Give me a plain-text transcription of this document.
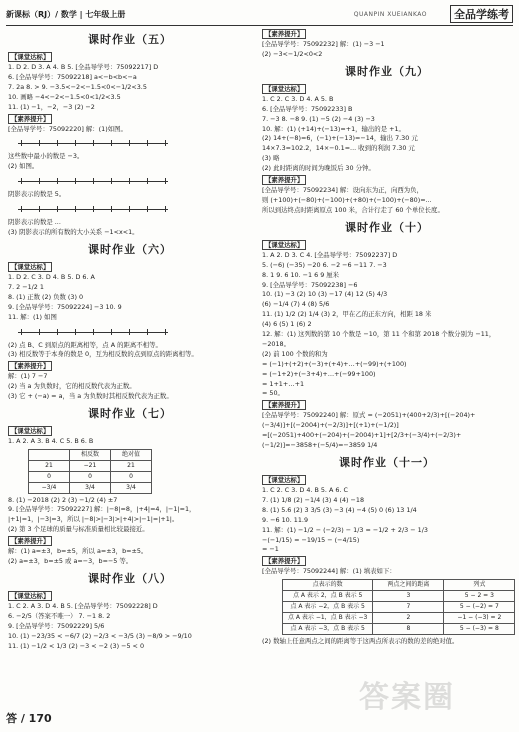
新课标（RJ）/ 数学 | 七年级上册	QUANPIN XUEIANKAO	全品学练考
课时作业（五）
【课堂达标】
1. D 2. D 3. A 4. B 5. [全品导学号：75092217] D
6. [全品导学号：75092218] a<−b<b<−a
7. 2a 8. > 9. −3.5<−2<−1.5<0<−1/2<3.5
10. 画略 −4<−2<−1.5<0<1/2<3.5
11. (1) −1，−2，−3 (2) −2
【素养提升】
[全品导学号：75092220] 解：(1)如图。
这些数中最小的数是 −3。
(2) 如图。
阴影表示的数是 5。
阴影表示的数是 ...
(3) 阴影表示的所有数的大小关系 −1<x<1。
课时作业（六）
【课堂达标】
1. D 2. C 3. D 4. B 5. D 6. A
7. 2 −1/2 1
8. (1) 正数 (2) 负数 (3) 0
9. [全品导学号：75092224] −3 10. 9
11. 解：(1) 如图
(2) 点 B、C 到原点的距离相等，点 A 的距离不相等。
(3) 相反数等于本身的数是 0，互为相反数的点到原点的距离相等。
【素养提升】
解：(1) 7 −7
(2) 当 a 为负数时，它的相反数代表为正数。
(3) 它 + (−a) = a，当 a 为负数时其相反数代表为正数。
课时作业（七）
【课堂达标】
1. A 2. A 3. B 4. C 5. B 6. B
	相反数	绝对值
21	−21	21
0	0	0
−3/4	3/4	3/4
8. (1) −2018 (2) 2 (3) −1/2 (4) ±7
9. [全品导学号：75092227] 解：|−8|=8，|+4|=4，|−1|=1，
|+1|=1，|−3|=3，所以 |−8|>|−3|>|+4|>|−1|=|+1|。
(2) 第 3 个足球的质量与标准质量相比较最接近。
【素养提升】
解：(1) a=±3，b=±5，所以 a=±3，b=±5。
(2) a=±3，b=±5 或 a=−3，b=−5 等。
课时作业（八）
【课堂达标】
1. C 2. A 3. D 4. B 5. [全品导学号：75092228] D
6. −2/5（答案不唯一） 7. −1 8. 2
9. [全品导学号：75092229] 5/6
10. (1) −23/35 < −6/7 (2) −2/3 < −3/5 (3) −8/9 > −9/10
11. (1) −1/2 < 1/3 (2) −3 < −2 (3) −5 < 0
【素养提升】
[全品导学号：75092232] 解：(1) −3 −1
(2) −3<−1/2<0<2
课时作业（九）
【课堂达标】
1. C 2. C 3. D 4. A 5. B
6. [全品导学号：75092233] B
7. −3 8. −8 9. (1) −5 (2) −4 (3) −3
10. 解：(1) (+14)+(−13)=+1，输出的是 +1。
(2) 14+(−8)=6，(−1)+(−13)=−14，输出 7.30 元
14×7.3=102.2，14×−0.1=... 收到的利润 7.30 元
(3) 略
(2) 此时距离的时间为晚饭后 30 分钟。
【素养提升】
[全品导学号：75092234] 解：设向东为正，向西为负，
则 (+100)+(−80)+(−100)+(+80)+(−100)+(−80)=...
所以到达终点时距离原点 100 米，合计行走了 60 个单位长度。
课时作业（十）
【课堂达标】
1. A 2. D 3. C 4. [全品导学号：75092237] D
5. (−6) (−35) −20 6. −2 −6 −11 7. −3
8. 1 9. 6 10. −1 6 9 厘米
9. [全品导学号：75092238] −6
10. (1) −3 (2) 10 (3) −17 (4) 12 (5) 4/3
(6) −1/4 (7) 4 (8) 5/6
11. (1) 1/2 (2) 1/4 (3) 2，甲在乙的正东方向，相距 18 米
(4) 6 (5) 1 (6) 2
12. 解：(1) 这列数的第 10 个数是 −10，第 11 个和第 2018 个数分别为 −11，
−2018。
(2) 前 100 个数的和为
= (−1)+(+2)+(−3)+(+4)+…+(−99)+(+100)
= (−1+2)+(−3+4)+…+(−99+100)
= 1+1+…+1
= 50。
【素养提升】
[全品导学号：75092240] 解：原式 = (−2051)+(400+2/3)+[(−204)+
(−3/4)]+[(−2004)+(−2/3)]+[(+1)+(−1/2)]
=[(−2051)+400+(−204)+(−2004)+1]+[2/3+(−3/4)+(−2/3)+
(−1/2)]=−3858+(−5/4)=−3859 1/4
课时作业（十一）
【课堂达标】
1. C 2. C 3. D 4. B 5. A 6. C
7. (1) 1/8 (2) −1/4 (3) 4 (4) −18
8. (1) 5.6 (2) 3 3/5 (3) −3 (4) −4 (5) 0 (6) 13 1/4
9. −6 10. 11.9
11. 解：(1) −1/2 − (−2/3) − 1/3 = −1/2 + 2/3 − 1/3
−(−1/15) = −19/15 − (−4/15)
= −1
【素养提升】
[全品导学号：75092244] 解：(1) 填表如下：
点表示的数	两点之间的距离	列式
点 A 表示 2，点 B 表示 5	3	5 − 2 = 3
点 A 表示 −2，点 B 表示 5	7	5 − (−2) = 7
点 A 表示 −1，点 B 表示 −3	2	−1 − (−3) = 2
点 A 表示 −3，点 B 表示 5	8	5 − (−3) = 8
(2) 数轴上任意两点之间的距离等于这两点所表示的数的差的绝对值。
答 / 170
答案圈
